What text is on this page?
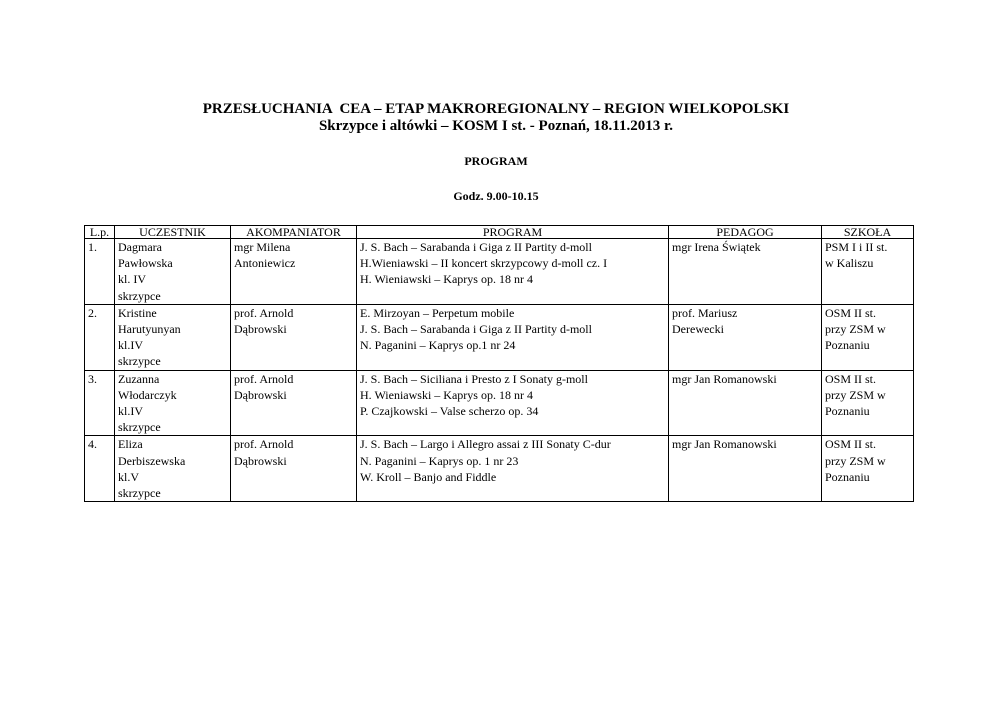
PRZESŁUCHANIA  CEA – ETAP MAKROREGIONALNY – REGION WIELKOPOLSKI
Skrzypce i altówki – KOSM I st. - Poznań, 18.11.2013 r.
PROGRAM
Godz. 9.00-10.15
L.p.	UCZESTNIK	AKOMPANIATOR	PROGRAM	PEDAGOG	SZKOŁA

1.	Dagmara
Pawłowska
kl. IV
skrzypce	mgr Milena
Antoniewicz	J. S. Bach – Sarabanda i Giga z II Partity d-moll
H.Wieniawski – II koncert skrzypcowy d-moll cz. I
H. Wieniawski – Kaprys op. 18 nr 4	mgr Irena Świątek	PSM I i II st.
w Kaliszu

2.	Kristine
Harutyunyan
kl.IV
skrzypce	prof. Arnold
Dąbrowski	E. Mirzoyan – Perpetum mobile
J. S. Bach – Sarabanda i Giga z II Partity d-moll
N. Paganini – Kaprys op.1 nr 24	prof. Mariusz
Derewecki	OSM II st.
przy ZSM w
Poznaniu

3.	Zuzanna
Włodarczyk
kl.IV
skrzypce	prof. Arnold
Dąbrowski	J. S. Bach – Siciliana i Presto z I Sonaty g-moll
H. Wieniawski – Kaprys op. 18 nr 4
P. Czajkowski – Valse scherzo op. 34	mgr Jan Romanowski	OSM II st.
przy ZSM w
Poznaniu

4.	Eliza
Derbiszewska
kl.V
skrzypce	prof. Arnold
Dąbrowski	J. S. Bach – Largo i Allegro assai z III Sonaty C-dur
N. Paganini – Kaprys op. 1 nr 23
W. Kroll – Banjo and Fiddle	mgr Jan Romanowski	OSM II st.
przy ZSM w
Poznaniu
